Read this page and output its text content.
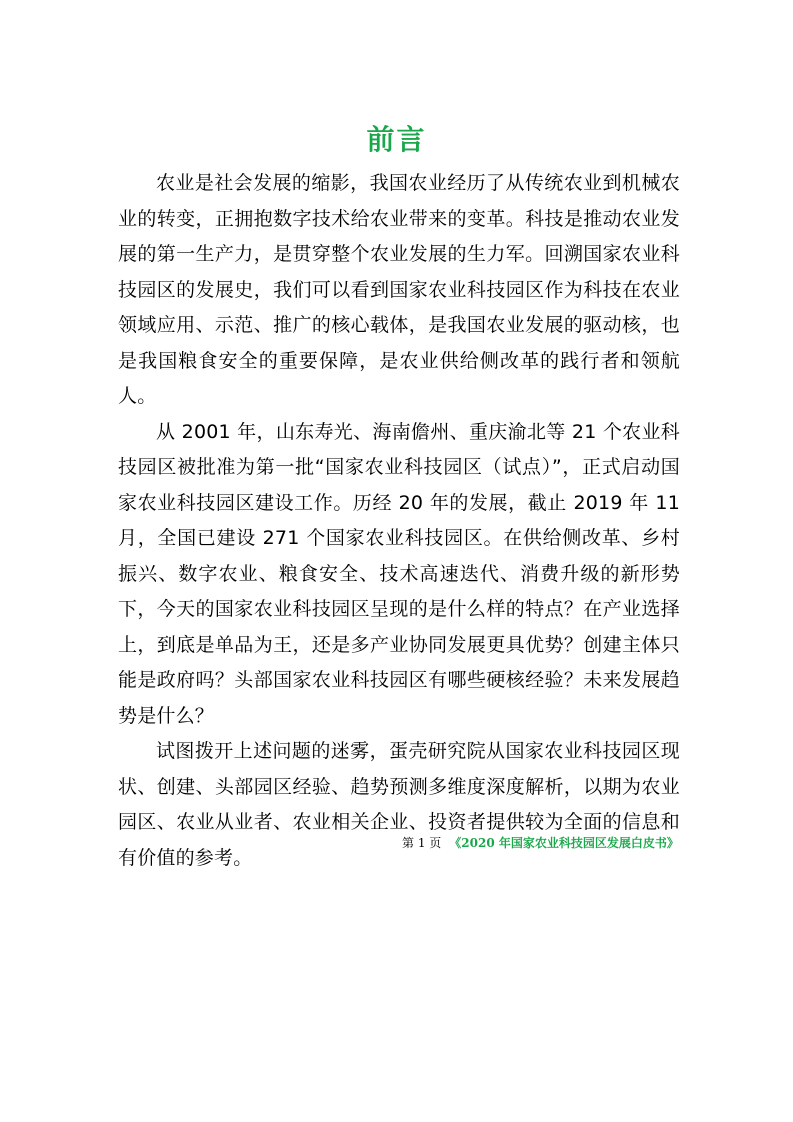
前言

农业是社会发展的缩影，我国农业经历了从传统农业到机械农业的转变，正拥抱数字技术给农业带来的变革。科技是推动农业发展的第一生产力，是贯穿整个农业发展的生力军。回溯国家农业科技园区的发展史，我们可以看到国家农业科技园区作为科技在农业领域应用、示范、推广的核心载体，是我国农业发展的驱动核，也是我国粮食安全的重要保障，是农业供给侧改革的践行者和领航人。

从 2001 年，山东寿光、海南儋州、重庆渝北等 21 个农业科技园区被批准为第一批“国家农业科技园区（试点）”，正式启动国家农业科技园区建设工作。历经 20 年的发展，截止 2019 年 11 月，全国已建设 271 个国家农业科技园区。在供给侧改革、乡村振兴、数字农业、粮食安全、技术高速迭代、消费升级的新形势下，今天的国家农业科技园区呈现的是什么样的特点？在产业选择上，到底是单品为王，还是多产业协同发展更具优势？创建主体只能是政府吗？头部国家农业科技园区有哪些硬核经验？未来发展趋势是什么？

试图拨开上述问题的迷雾，蛋壳研究院从国家农业科技园区现状、创建、头部园区经验、趋势预测多维度深度解析，以期为农业园区、农业从业者、农业相关企业、投资者提供较为全面的信息和有价值的参考。

第 1 页 《2020 年国家农业科技园区发展白皮书》
